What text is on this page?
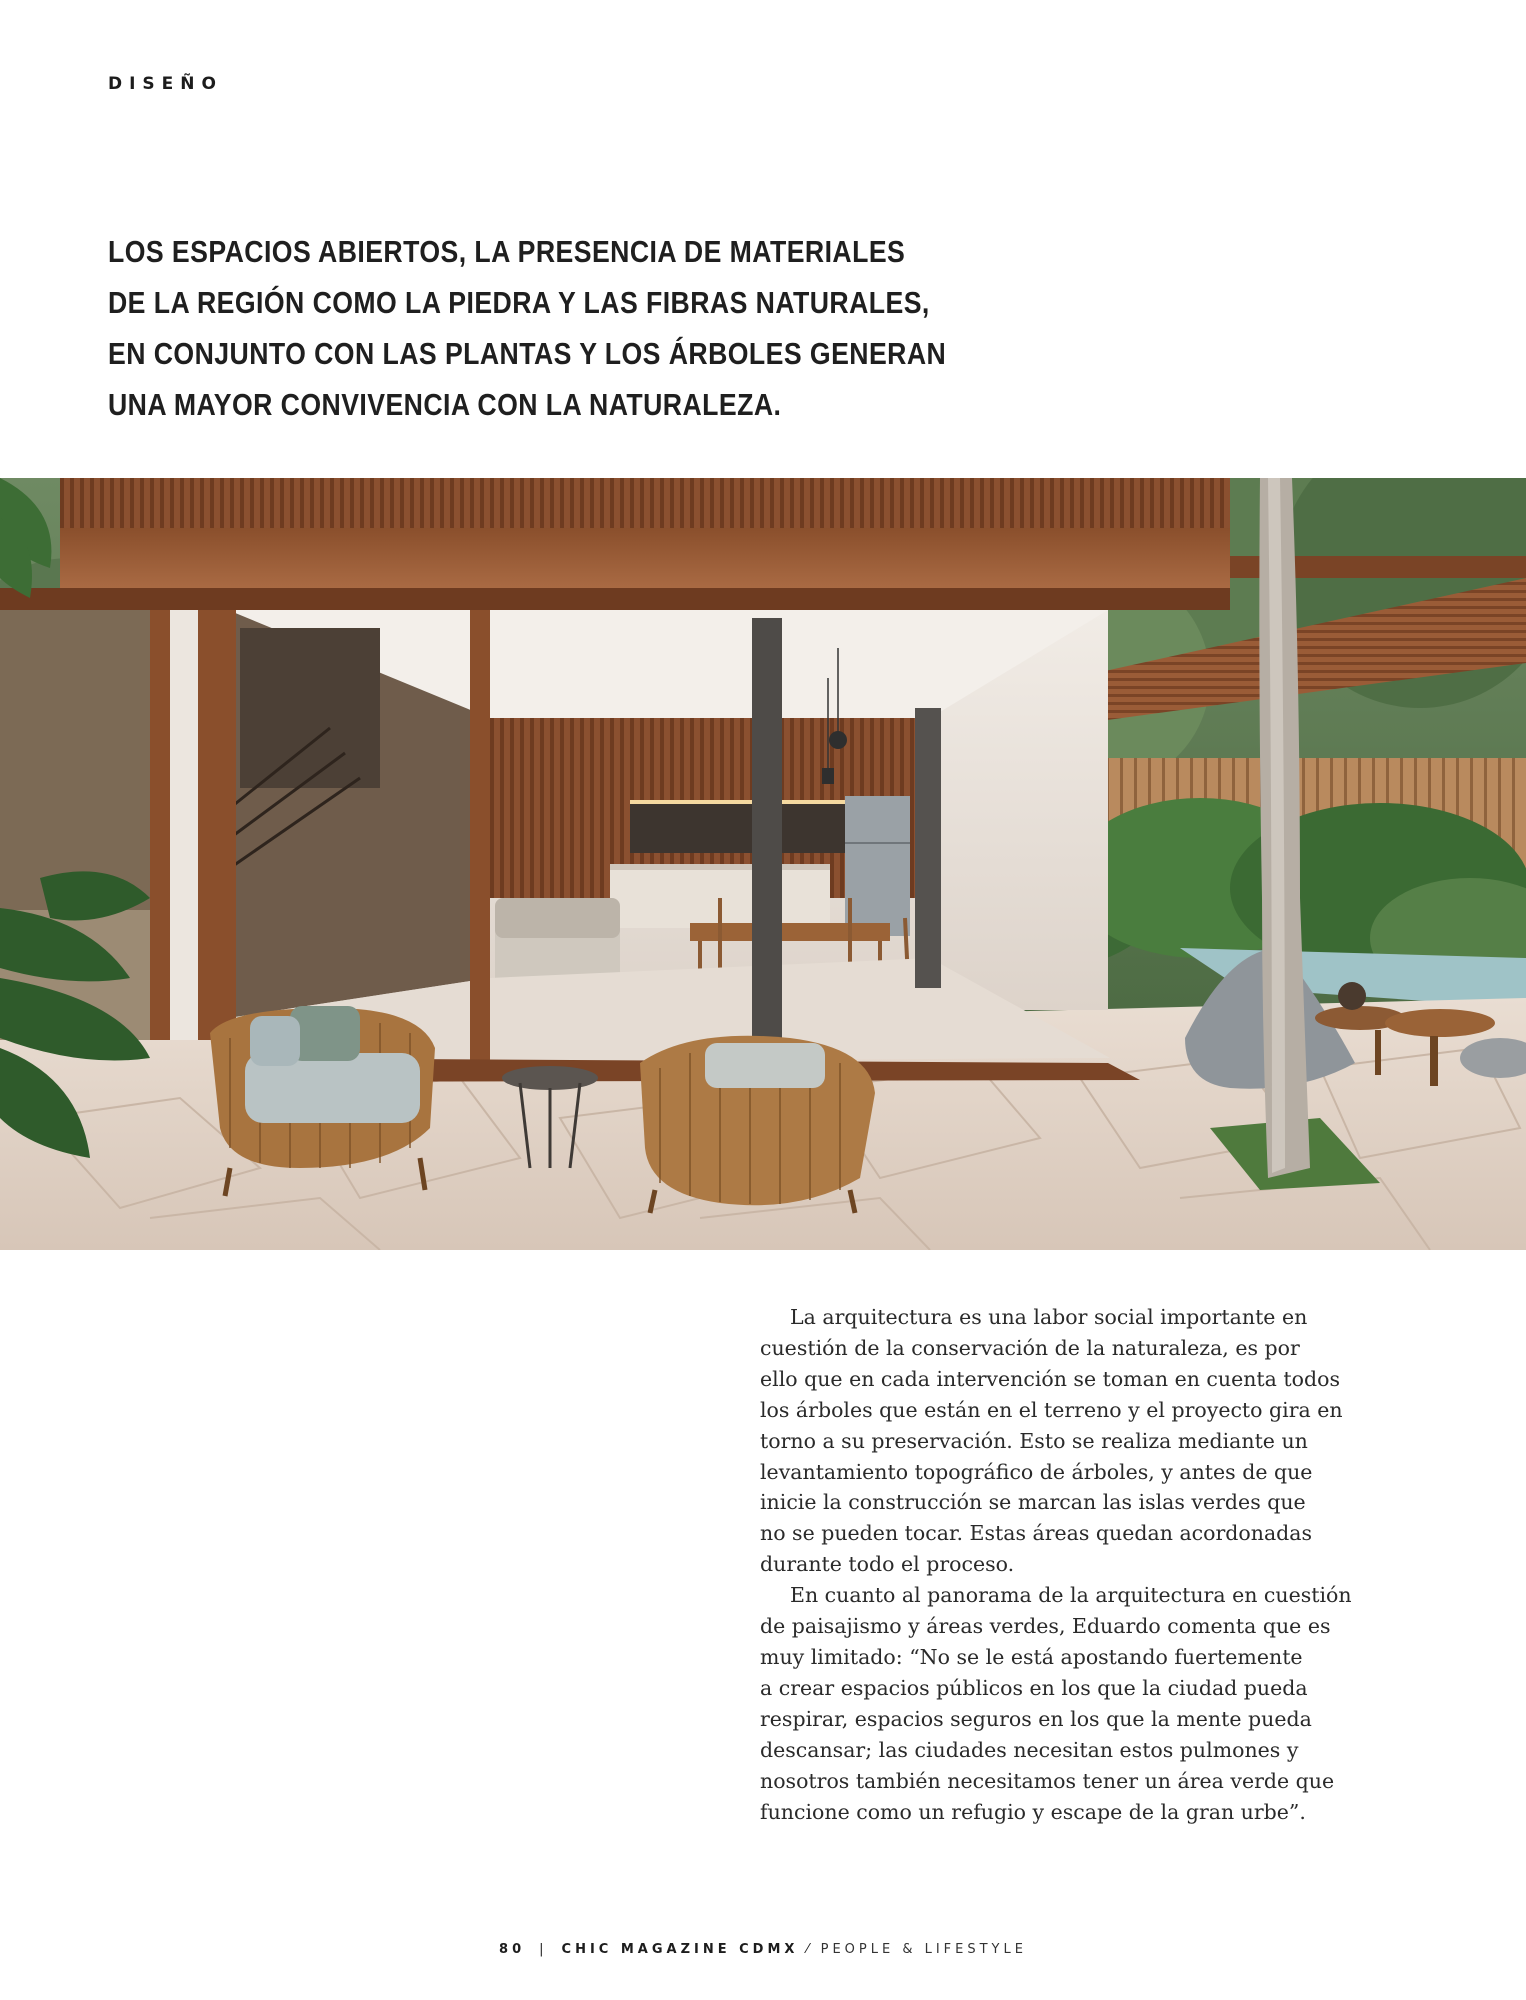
DISEÑO
LOS ESPACIOS ABIERTOS, LA PRESENCIA DE MATERIALES
DE LA REGIÓN COMO LA PIEDRA Y LAS FIBRAS NATURALES,
EN CONJUNTO CON LAS PLANTAS Y LOS ÁRBOLES GENERAN
UNA MAYOR CONVIVENCIA CON LA NATURALEZA.

La arquitectura es una labor social importante en
cuestión de la conservación de la naturaleza, es por
ello que en cada intervención se toman en cuenta todos
los árboles que están en el terreno y el proyecto gira en
torno a su preservación. Esto se realiza mediante un
levantamiento topográfico de árboles, y antes de que
inicie la construcción se marcan las islas verdes que
no se pueden tocar. Estas áreas quedan acordonadas
durante todo el proceso.

En cuanto al panorama de la arquitectura en cuestión
de paisajismo y áreas verdes, Eduardo comenta que es
muy limitado: “No se le está apostando fuertemente
a crear espacios públicos en los que la ciudad pueda
respirar, espacios seguros en los que la mente pueda
descansar; las ciudades necesitan estos pulmones y
nosotros también necesitamos tener un área verde que
funcione como un refugio y escape de la gran urbe”.

80 | CHIC MAGAZINE CDMX ⁄ PEOPLE & LIFESTYLE
